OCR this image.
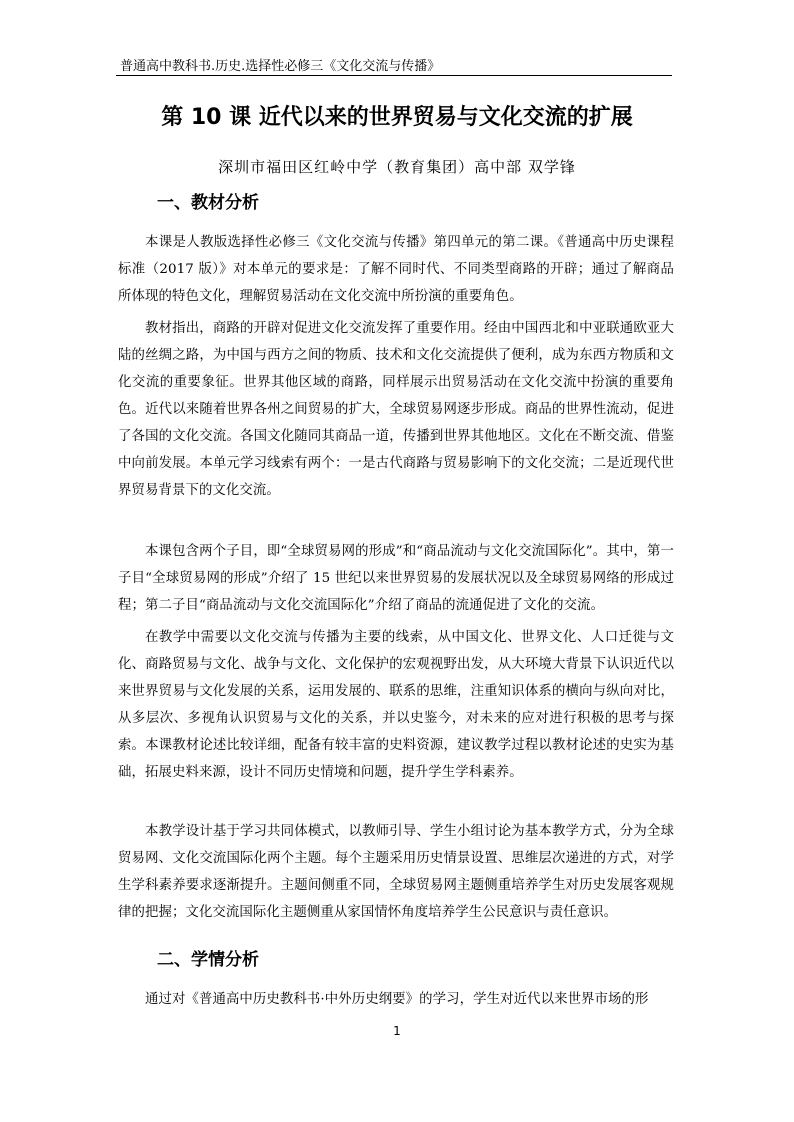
普通高中教科书.历史.选择性必修三《文化交流与传播》
第 10 课 近代以来的世界贸易与文化交流的扩展
深圳市福田区红岭中学（教育集团）高中部 双学锋
一、教材分析
本课是人教版选择性必修三《文化交流与传播》第四单元的第二课。《普通高中历史课程标准（2017 版）》对本单元的要求是：了解不同时代、不同类型商路的开辟；通过了解商品所体现的特色文化，理解贸易活动在文化交流中所扮演的重要角色。
教材指出，商路的开辟对促进文化交流发挥了重要作用。经由中国西北和中亚联通欧亚大陆的丝绸之路，为中国与西方之间的物质、技术和文化交流提供了便利，成为东西方物质和文化交流的重要象征。世界其他区域的商路，同样展示出贸易活动在文化交流中扮演的重要角色。近代以来随着世界各州之间贸易的扩大，全球贸易网逐步形成。商品的世界性流动，促进了各国的文化交流。各国文化随同其商品一道，传播到世界其他地区。文化在不断交流、借鉴中向前发展。本单元学习线索有两个：一是古代商路与贸易影响下的文化交流；二是近现代世界贸易背景下的文化交流。
本课包含两个子目，即“全球贸易网的形成”和“商品流动与文化交流国际化”。其中，第一子目“全球贸易网的形成”介绍了 15 世纪以来世界贸易的发展状况以及全球贸易网络的形成过程；第二子目“商品流动与文化交流国际化”介绍了商品的流通促进了文化的交流。
在教学中需要以文化交流与传播为主要的线索，从中国文化、世界文化、人口迁徙与文化、商路贸易与文化、战争与文化、文化保护的宏观视野出发，从大环境大背景下认识近代以来世界贸易与文化发展的关系，运用发展的、联系的思维，注重知识体系的横向与纵向对比，从多层次、多视角认识贸易与文化的关系，并以史鉴今，对未来的应对进行积极的思考与探索。本课教材论述比较详细，配备有较丰富的史料资源，建议教学过程以教材论述的史实为基础，拓展史料来源，设计不同历史情境和问题，提升学生学科素养。
本教学设计基于学习共同体模式，以教师引导、学生小组讨论为基本教学方式，分为全球贸易网、文化交流国际化两个主题。每个主题采用历史情景设置、思维层次递进的方式，对学生学科素养要求逐渐提升。主题间侧重不同，全球贸易网主题侧重培养学生对历史发展客观规律的把握；文化交流国际化主题侧重从家国情怀角度培养学生公民意识与责任意识。
二、学情分析
通过对《普通高中历史教科书·中外历史纲要》的学习，学生对近代以来世界市场的形
1
